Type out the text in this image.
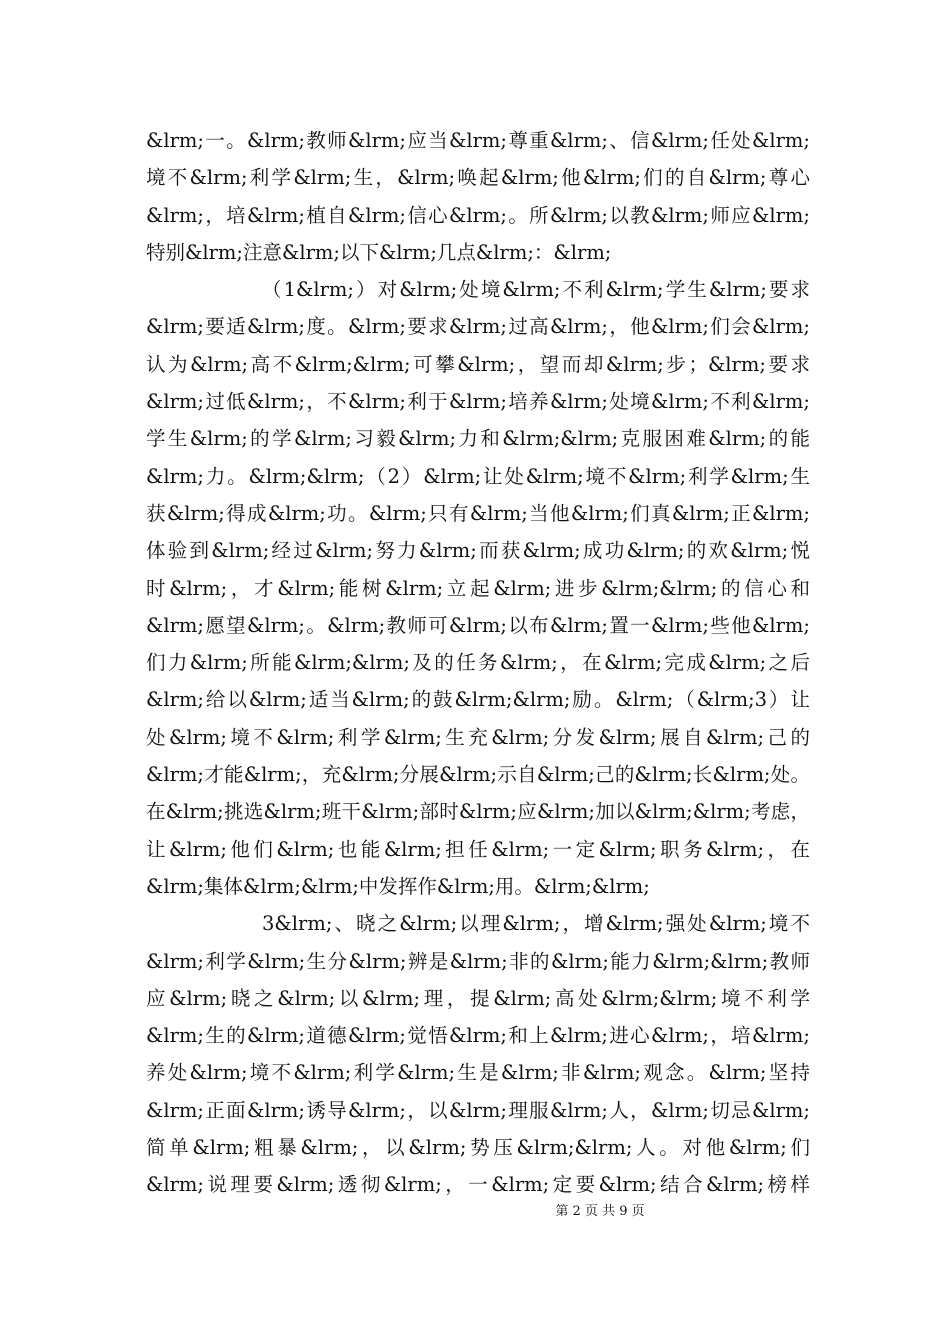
&lrm;一。&lrm;教师&lrm;应当&lrm;尊重&lrm;、信&lrm;任处&lrm;
境不&lrm;利学&lrm;生，&lrm;唤起&lrm;他&lrm;们的自&lrm;尊心
&lrm;，培&lrm;植自&lrm;信心&lrm;。所&lrm;以教&lrm;师应&lrm;
特别&lrm;注意&lrm;以下&lrm;几点&lrm;：&lrm;
（1&lrm;）对&lrm;处境&lrm;不利&lrm;学生&lrm;要求
&lrm;要适&lrm;度。&lrm;要求&lrm;过高&lrm;，他&lrm;们会&lrm;
认为&lrm;高不&lrm;&lrm;可攀&lrm;，望而却&lrm;步；&lrm;要求
&lrm;过低&lrm;，不&lrm;利于&lrm;培养&lrm;处境&lrm;不利&lrm;
学生&lrm;的学&lrm;习毅&lrm;力和&lrm;&lrm;克服困难&lrm;的能
&lrm;力。&lrm;&lrm;（2）&lrm;让处&lrm;境不&lrm;利学&lrm;生
获&lrm;得成&lrm;功。&lrm;只有&lrm;当他&lrm;们真&lrm;正&lrm;
体验到&lrm;经过&lrm;努力&lrm;而获&lrm;成功&lrm;的欢&lrm;悦
时&lrm;，才&lrm;能树&lrm;立起&lrm;进步&lrm;&lrm;的信心和
&lrm;愿望&lrm;。&lrm;教师可&lrm;以布&lrm;置一&lrm;些他&lrm;
们力&lrm;所能&lrm;&lrm;及的任务&lrm;，在&lrm;完成&lrm;之后
&lrm;给以&lrm;适当&lrm;的鼓&lrm;&lrm;励。&lrm;（&lrm;3）让
处&lrm;境不&lrm;利学&lrm;生充&lrm;分发&lrm;展自&lrm;己的
&lrm;才能&lrm;，充&lrm;分展&lrm;示自&lrm;己的&lrm;长&lrm;处。
在&lrm;挑选&lrm;班干&lrm;部时&lrm;应&lrm;加以&lrm;&lrm;考虑，
让&lrm;他们&lrm;也能&lrm;担任&lrm;一定&lrm;职务&lrm;，在
&lrm;集体&lrm;&lrm;中发挥作&lrm;用。&lrm;&lrm;
3&lrm;、晓之&lrm;以理&lrm;，增&lrm;强处&lrm;境不
&lrm;利学&lrm;生分&lrm;辨是&lrm;非的&lrm;能力&lrm;&lrm;教师
应&lrm;晓之&lrm;以&lrm;理，提&lrm;高处&lrm;&lrm;境不利学
&lrm;生的&lrm;道德&lrm;觉悟&lrm;和上&lrm;进心&lrm;，培&lrm;
养处&lrm;境不&lrm;利学&lrm;生是&lrm;非&lrm;观念。&lrm;坚持
&lrm;正面&lrm;诱导&lrm;，以&lrm;理服&lrm;人，&lrm;切忌&lrm;
简单&lrm;粗暴&lrm;，以&lrm;势压&lrm;&lrm;人。对他&lrm;们
&lrm;说理要&lrm;透彻&lrm;，一&lrm;定要&lrm;结合&lrm;榜样
第 2 页 共 9 页
